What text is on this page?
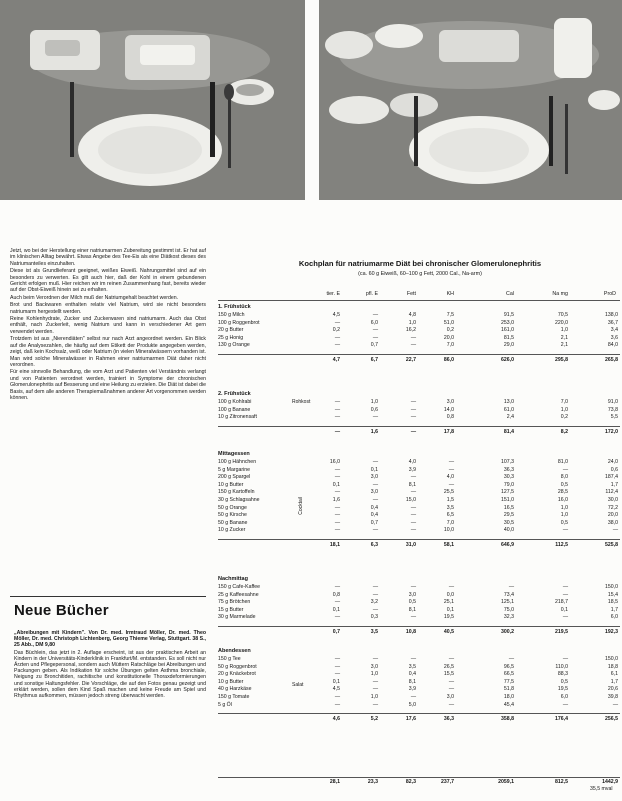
Jetzt, wo bei der Herstellung einer natriumarmen Zubereitung gestimmt ist. Er hat auf im klinischen Alltag bewährt. Etwas Angebe des Tee-Eis als eine Diätkost dieses des Natriumanteiles einzuhalten.

Diese ist als Grundlieferant geeignet, weißes Eiweiß. Nahrungsmittel sind auf ein besonders zu verwerten. Es gilt auch hier, daß der Kohl in einem gebundenen Gericht erfolgen muß. Hier reichen wir im reinen Zusammenhang fast, bereits wieder auf der Obst-Eiweiß hinein sei zu erhalten.

Auch beim Verordnen der Milch muß der Natriumgehalt beachtet werden.

Brot und Backwaren enthalten relativ viel Natrium, wird sie nicht besonders natriumarm hergestellt werden.

Reine Kohlenhydrate, Zucker und Zuckerwaren sind natriumarm. Auch das Obst enthält, nach Zuckerleit, wenig Natrium und kann in verschiedener Art gern verwendet werden.

Trotzdem ist aus „Nierendiäten" selbst nur nach Arzt angeordnet werden. Ein Blick auf die Analysezahlen, die häufig auf dem Etikett der Produkte angegeben werden, zeigt, daß kein Kochsalz, weiß oder Natrium (in vielen Mineralwässern vorhanden ist. Man wird solche Mineralwässer in Rahmen einer natriumarmen Diät daher nicht verordnen.

Für eine sinnvolle Behandlung, die vom Arzt und Patienten viel Verständnis verlangt und von Patienten verordnet werden, trainiert in Symptome der chronischen Glomerulonephritis auf Besserung und eine Heilung zu erzielen. Die Diät ist dabei die Basis, auf dem alle anderen Therapiemaßnahmen anderer Art vorgenommen werden können.

Neue Bücher

„Abreibungen mit Kindern". Von Dr. med. Irmtraud Möller, Dr. med. Theo Möller, Dr. med. Christoph Lichtenberg, Georg Thieme Verlag, Stuttgart. 38 S., 25 Abb., DM 9,80

Das Büchlein, das jetzt in 2. Auflage erscheint, ist aus der praktischen Arbeit an Kindern in der Universitäts-Kinderklinik in Frankfurt/M. entstanden. Es soll nicht nur Ärzten und Pflegepersonal, sondern auch Müttern Ratschläge bei Abreibungen und Packungen geben. Als Indikation für solche Übungen gelten Asthma bronchiale, Neigung zu Bronchitiden, rachitische und konstitutionelle Thoraxdeformierungen und sonstige Haltungsfehler. Die Vorschläge, die auf den Fotos genau gezeigt und erklärt werden, sollen dem Kind Spaß machen und keine Freude am Spiel und Rhythmus aufkommen, müssen jedoch streng überwacht werden.

Kochplan für natriumarme Diät bei chronischer Glomerulonephritis
(ca. 60 g Eiweiß, 60–100 g Fett, 2000 Cal., Na-arm)
tier. E	pfl. E	Fett	KH	Cal	Na mg	ProD
1. Frühstück
150 g Milch	4,5	—	4,8	7,5	91,5	70,5	138,0
100 g Roggenbrot	—	6,0	1,0	51,0	253,0	220,0	36,7
20 g Butter	0,2	—	16,2	0,2	161,0	1,0	3,4
25 g Honig	—	—	—	20,0	81,5	2,1	3,6
130 g Orange	—	0,7	—	7,0	29,0	2,1	84,0
4,7	6,7	22,7	86,0	626,0	295,8	265,8
2. Frühstück
100 g Kohlrabi	—	1,0	—	3,0	13,0	7,0	91,0
100 g Banane	—	0,6	—	14,0	61,0	1,0	73,8
10 g Zitronensaft	—	—	—	0,8	2,4	0,2	5,5
Rohkost
—	1,6	—	17,8	81,4	8,2	172,0
Mittagessen
100 g Hähnchen	16,0	—	4,0	—	107,3	81,0	24,0
5 g Margarine	—	0,1	3,9	—	36,3	—	0,6
200 g Spargel	—	3,0	—	4,0	30,3	8,0	187,4
10 g Butter	0,1	—	8,1	—	79,0	0,5	1,7
150 g Kartoffeln	—	3,0	—	25,5	127,5	28,5	112,4
30 g Schlagsahne	1,6	—	15,0	1,5	151,0	16,0	30,0
50 g Orange	—	0,4	—	3,5	16,5	1,0	72,2
50 g Kirsche	—	0,4	—	6,5	29,5	1,0	20,0
50 g Banane	—	0,7	—	7,0	30,5	0,5	38,0
10 g Zucker	—	—	—	10,0	40,0	—	—
Cocktail
18,1	6,3	31,0	58,1	646,9	112,5	525,8
Nachmittag
150 g Cafe-Kaffee	—	—	—	—	—	—	150,0
25 g Kaffeesahne	0,8	—	3,0	0,0	73,4	—	15,4
75 g Brötchen	—	3,2	0,5	25,1	125,1	218,7	18,5
15 g Butter	0,1	—	8,1	0,1	75,0	0,1	1,7
30 g Marmelade	—	0,3	—	19,5	32,3	—	6,0
0,7	3,5	10,8	40,5	300,2	219,5	192,3
Abendessen
150 g Tee	—	—	—	—	—	—	150,0
50 g Roggenbrot	—	3,0	3,5	26,5	96,5	110,0	18,8
20 g Knäckebrot	—	1,0	0,4	15,5	66,5	88,3	6,1
10 g Butter	0,1	—	8,1	—	77,5	0,5	1,7
40 g Harzkäse	4,5	—	3,9	—	51,8	19,5	20,6
150 g Tomate	—	1,0	—	3,0	18,0	6,0	39,8
5 g Öl	—	—	5,0	—	45,4	—	—
Salat
4,6	5,2	17,6	36,3	358,8	176,4	256,5
28,1	23,3	82,3	237,7	2059,1	812,5	1442,9
35,5 mval
